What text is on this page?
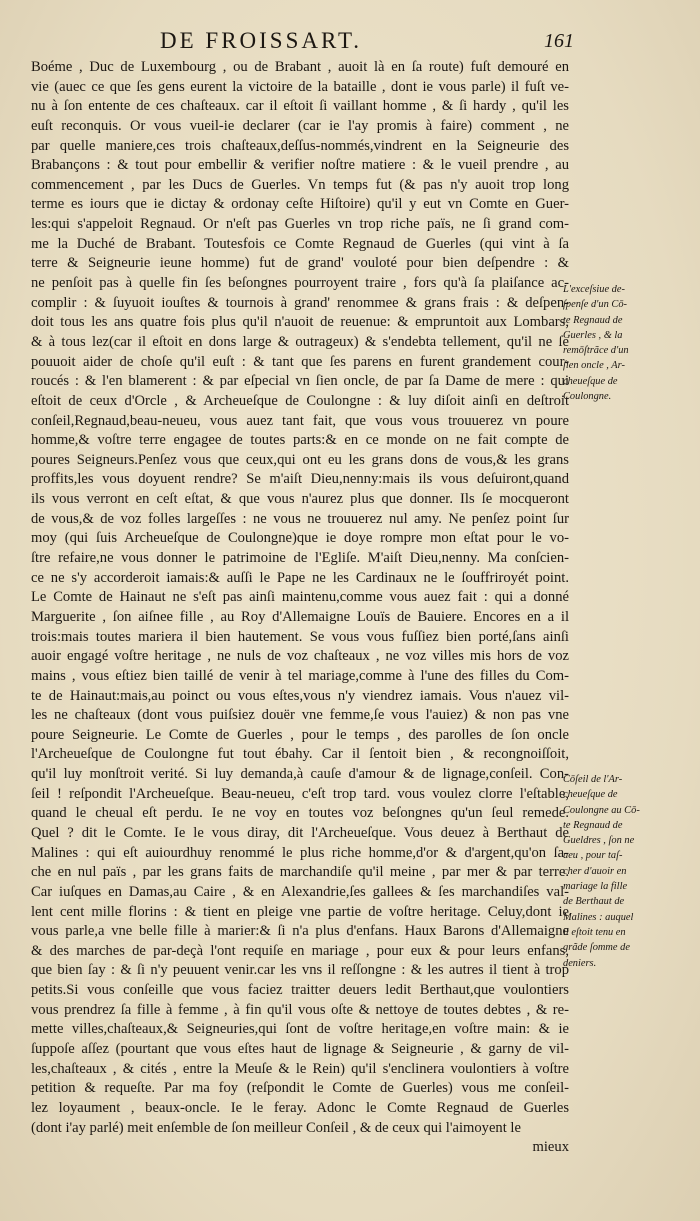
DE FROISSART.	161
Boéme , Duc de Luxembourg , ou de Brabant , auoit là en ſa route) fuſt demouré en
vie (auec ce que ſes gens eurent la victoire de la bataille , dont ie vous parle) il fuſt ve-
nu à ſon entente de ces chaſteaux. car il eſtoit ſi vaillant homme , & ſi hardy , qu'il les
euſt reconquis. Or vous vueil-ie declarer (car ie l'ay promis à faire) comment , ne
par quelle maniere,ces trois chaſteaux,deſſus-nommés,vindrent en la Seigneurie des
Brabançons : & tout pour embellir & verifier noſtre matiere : & le vueil prendre , au
commencement , par les Ducs de Guerles. Vn temps fut (& pas n'y auoit trop long
terme es iours que ie dictay & ordonay ceſte Hiſtoire) qu'il y eut vn Comte en Guer-
les:qui s'appeloit Regnaud. Or n'eſt pas Guerles vn trop riche païs, ne ſi grand com-
me la Duché de Brabant. Toutesfois ce Comte Regnaud de Guerles (qui vint à ſa
terre & Seigneurie ieune homme) fut de grand' vouloté pour bien deſpendre : &
ne penſoit pas à quelle fin ſes beſongnes pourroyent traire , fors qu'à ſa plaiſance ac-
complir : & ſuyuoit iouſtes & tournois à grand' renommee & grans frais : & deſpen-
doit tous les ans quatre fois plus qu'il n'auoit de reuenue: & empruntoit aux Lombars,
& à tous lez(car il eſtoit en dons large & outrageux) & s'endebta tellement, qu'il ne ſe
pouuoit aider de choſe qu'il euſt : & tant que ſes parens en furent grandement cour-
roucés : & l'en blamerent : & par eſpecial vn ſien oncle, de par ſa Dame de mere : qui
eſtoit de ceux d'Orcle , & Archeueſque de Coulongne : & luy diſoit ainſi en deſtroit
conſeil,Regnaud,beau-neueu, vous auez tant fait, que vous vous trouuerez vn poure
homme,& voſtre terre engagee de toutes parts:& en ce monde on ne fait compte de
poures Seigneurs.Penſez vous que ceux,qui ont eu les grans dons de vous,& les grans
proffits,les vous doyuent rendre? Se m'aiſt Dieu,nenny:mais ils vous deſuiront,quand
ils vous verront en ceſt eſtat, & que vous n'aurez plus que donner. Ils ſe mocqueront
de vous,& de voz folles largeſſes : ne vous ne trouuerez nul amy. Ne penſez point ſur
moy (qui ſuis Archeueſque de Coulongne)que ie doye rompre mon eſtat pour le vo-
ſtre refaire,ne vous donner le patrimoine de l'Egliſe. M'aiſt Dieu,nenny. Ma conſcien-
ce ne s'y accorderoit iamais:& auſſi le Pape ne les Cardinaux ne le ſouffriroyét point.
Le Comte de Hainaut ne s'eſt pas ainſi maintenu,comme vous auez fait : qui a donné
Marguerite , ſon aiſnee fille , au Roy d'Allemaigne Louïs de Bauiere. Encores en a il
trois:mais toutes mariera il bien hautement. Se vous vous fuſſiez bien porté,ſans ainſi
auoir engagé voſtre heritage , ne nuls de voz chaſteaux , ne voz villes mis hors de voz
mains , vous eſtiez bien taillé de venir à tel mariage,comme à l'une des filles du Com-
te de Hainaut:mais,au poinct ou vous eſtes,vous n'y viendrez iamais. Vous n'auez vil-
les ne chaſteaux (dont vous puiſsiez douër vne femme,ſe vous l'auiez) & non pas vne
poure Seigneurie. Le Comte de Guerles , pour le temps , des parolles de ſon oncle
l'Archeueſque de Coulongne fut tout ébahy. Car il ſentoit bien , & recongnoiſſoit,
qu'il luy monſtroit verité. Si luy demanda,à cauſe d'amour & de lignage,conſeil. Con-
ſeil ! reſpondit l'Archeueſque. Beau-neueu, c'eſt trop tard. vous voulez clorre l'eſtable,
quand le cheual eſt perdu. Ie ne voy en toutes voz beſongnes qu'un ſeul remede.
Quel ? dit le Comte. Ie le vous diray, dit l'Archeueſque. Vous deuez à Berthaut de
Malines : qui eſt auiourdhuy renommé le plus riche homme,d'or & d'argent,qu'on ſa-
che en nul païs , par les grans faits de marchandiſe qu'il meine , par mer & par terre.
Car iuſques en Damas,au Caire , & en Alexandrie,ſes gallees & ſes marchandiſes val-
lent cent mille florins : & tient en pleige vne partie de voſtre heritage. Celuy,dont ie
vous parle,a vne belle fille à marier:& ſi n'a plus d'enfans. Haux Barons d'Allemaigne
& des marches de par-deçà l'ont requiſe en mariage , pour eux & pour leurs enfans,
que bien ſay : & ſi n'y peuuent venir.car les vns il reſſongne : & les autres il tient à trop
petits.Si vous conſeille que vous faciez traitter deuers ledit Berthaut,que voulontiers
vous prendrez ſa fille à femme , à fin qu'il vous oſte & nettoye de toutes debtes , & re-
mette villes,chaſteaux,& Seigneuries,qui ſont de voſtre heritage,en voſtre main: & ie
ſuppoſe aſſez (pourtant que vous eſtes haut de lignage & Seigneurie , & garny de vil-
les,chaſteaux , & cités , entre la Meuſe & le Rein) qu'il s'enclinera voulontiers à voſtre
petition & requeſte. Par ma foy (reſpondit le Comte de Guerles) vous me conſeil-
lez loyaument , beaux-oncle. Ie le feray. Adonc le Comte Regnaud de Guerles
(dont i'ay parlé) meit enſemble de ſon meilleur Conſeil , & de ceux qui l'aimoyent le
mieux
L'exceſsiue de-
ſpenſe d'un Cō-
te Regnaud de
Guerles , & la
remōſtrãce d'un
ſien oncle , Ar-
cheueſque de
Coulongne.
Cōſeil de l'Ar-
cheueſque de
Coulongne au Cō-
te Regnaud de
Gueldres , ſon ne
ueu , pour taſ-
cher d'auoir en
mariage la fille
de Berthaut de
Malines : auquel
il eſtoit tenu en
grãde ſomme de
deniers.
